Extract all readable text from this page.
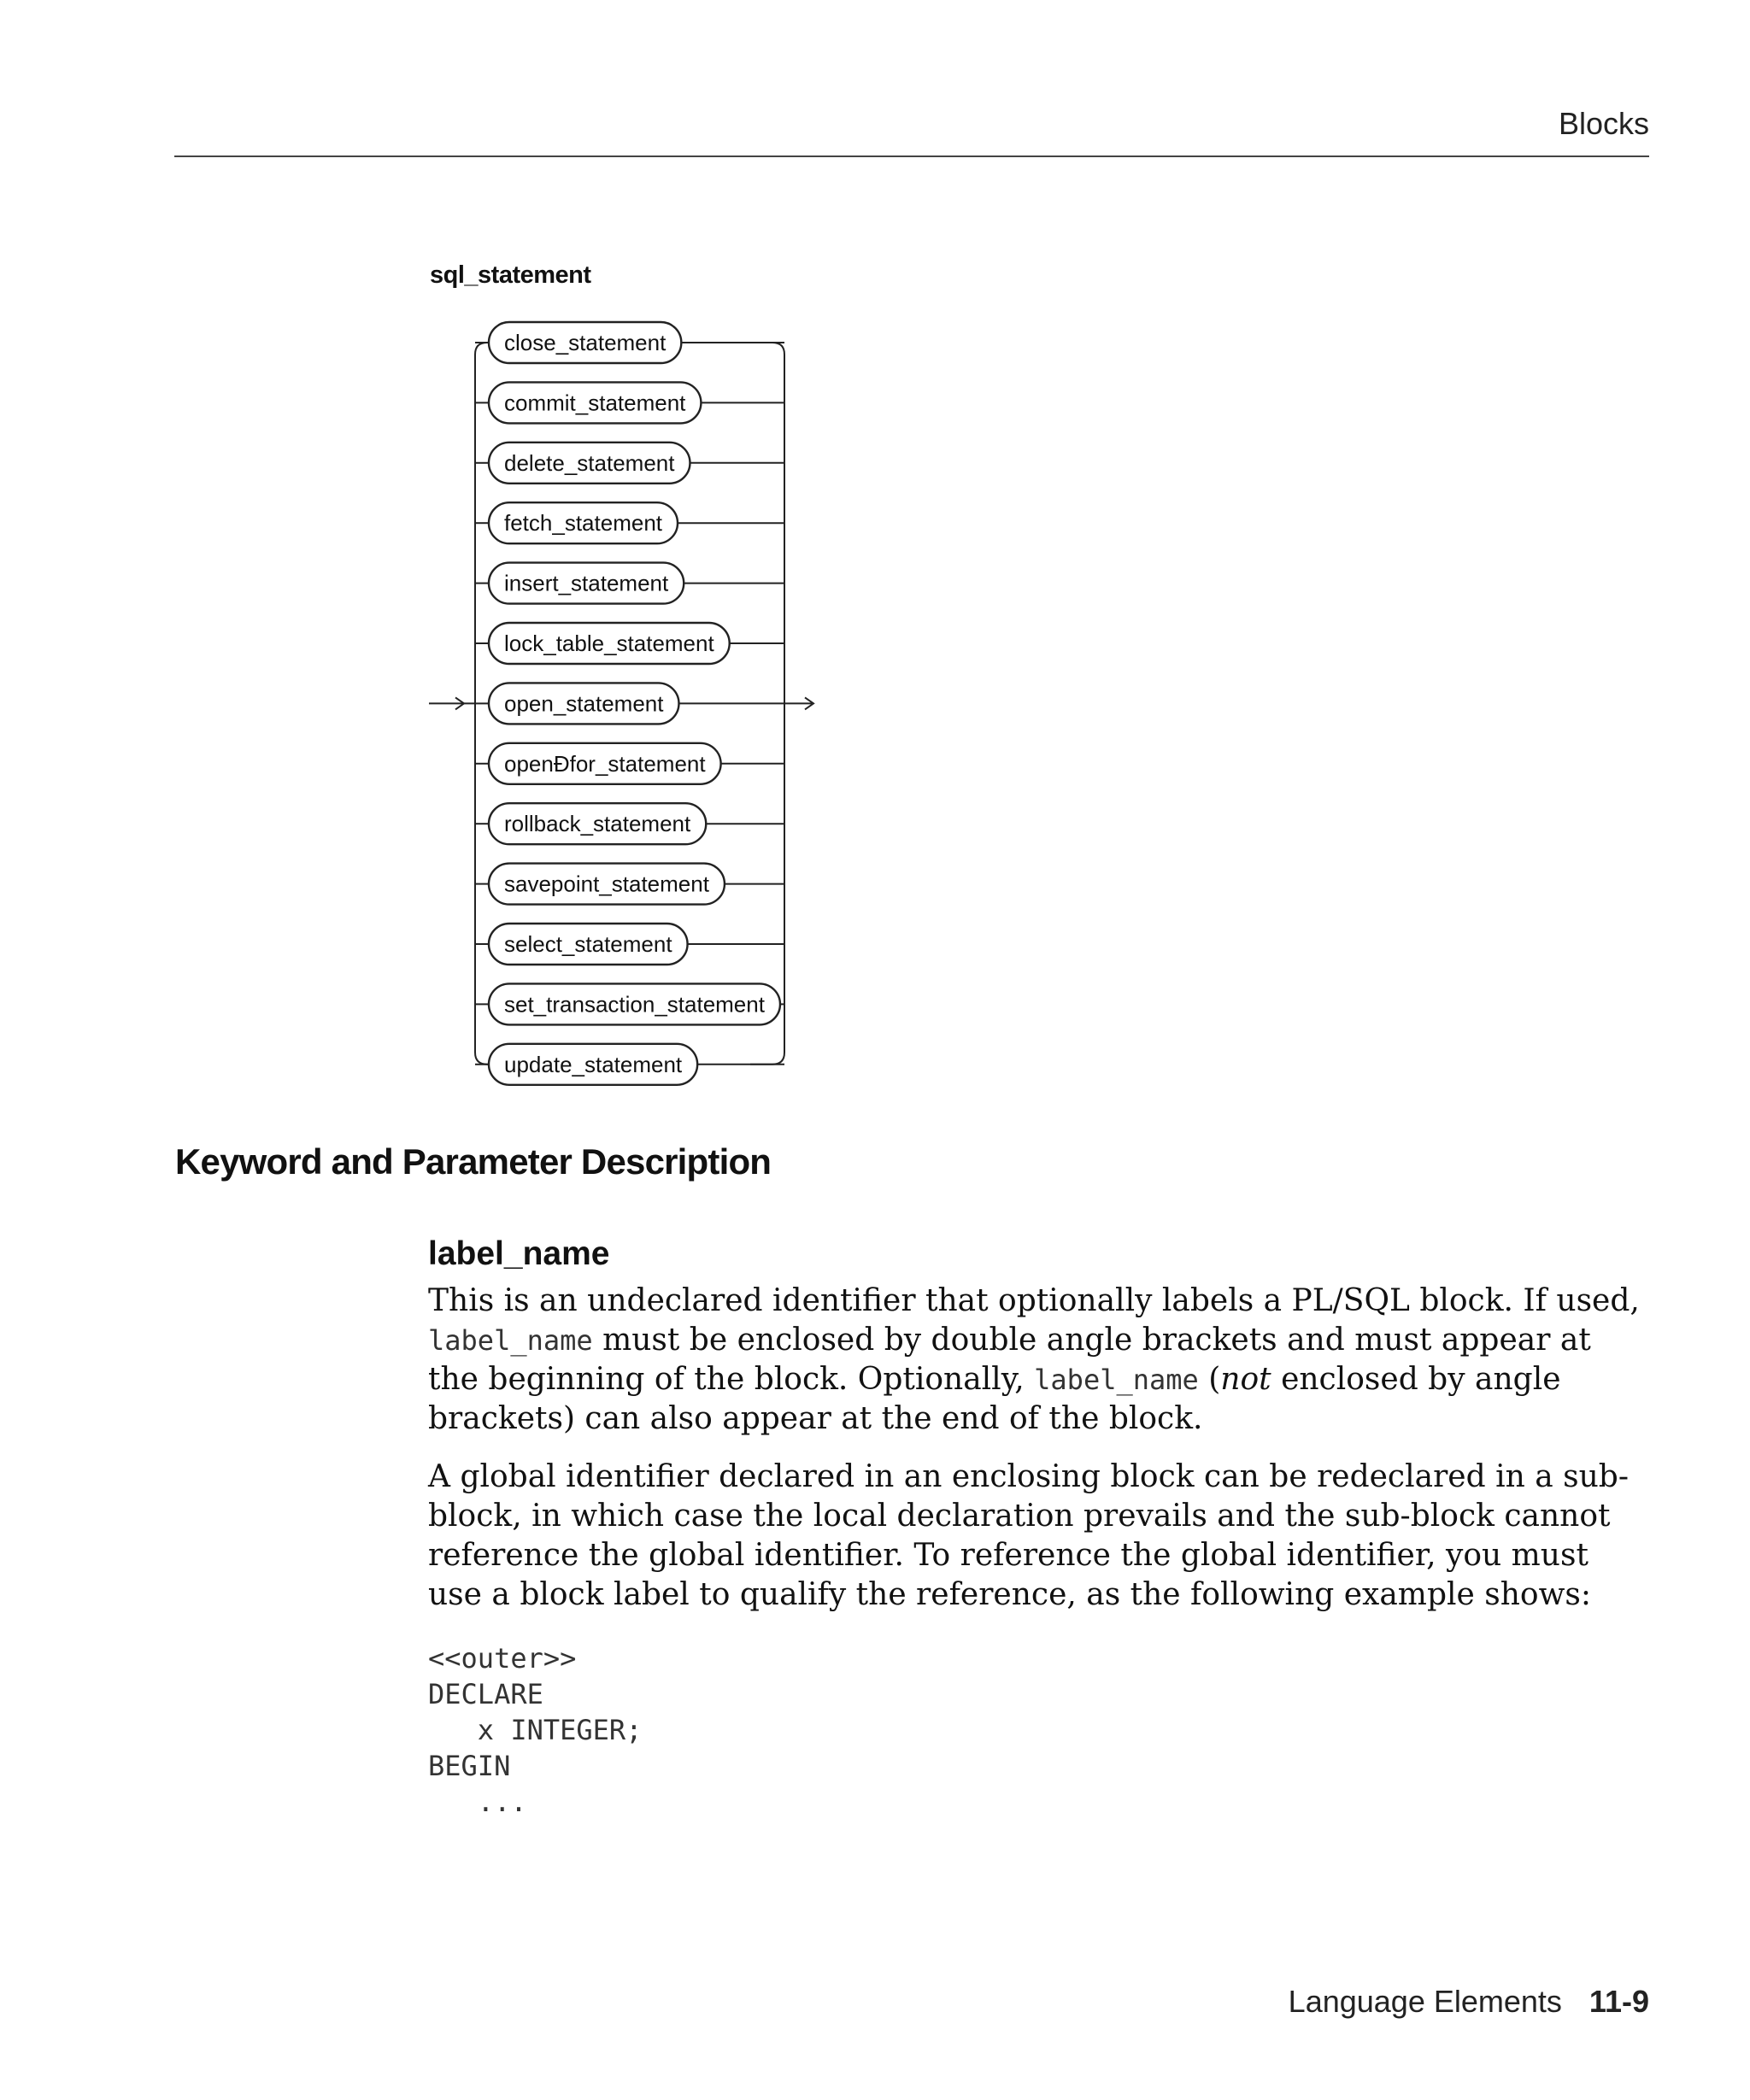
Blocks
sql_statement
close_statement
commit_statement
delete_statement
fetch_statement
insert_statement
lock_table_statement
open_statement
openÐfor_statement
rollback_statement
savepoint_statement
select_statement
set_transaction_statement
update_statement
Keyword and Parameter Description
label_name

This is an undeclared identifier that optionally labels a PL/SQL block. If used, label_name must be enclosed by double angle brackets and must appear at the beginning of the block. Optionally, label_name (not enclosed by angle brackets) can also appear at the end of the block.

A global identifier declared in an enclosing block can be redeclared in a sub-block, in which case the local declaration prevails and the sub-block cannot reference the global identifier. To reference the global identifier, you must use a block label to qualify the reference, as the following example shows:

<<outer>>
DECLARE
x INTEGER;
BEGIN
...
Language Elements 11-9
